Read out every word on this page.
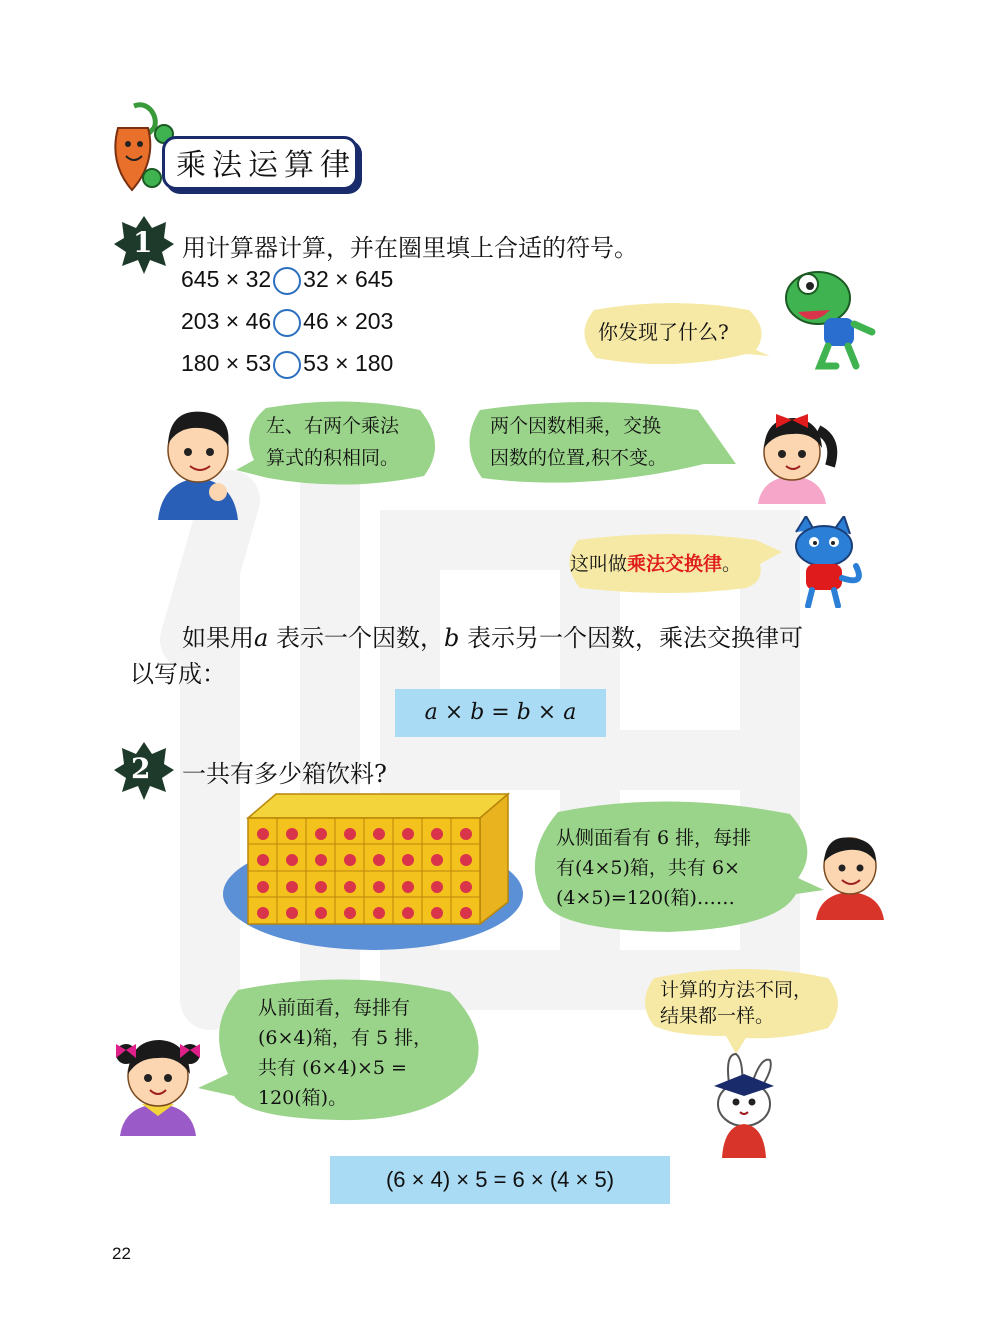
乘法运算律
1 用计算器计算，并在圈里填上合适的符号。
645 × 32 32 × 645
203 × 46 46 × 203
180 × 53 53 × 180
你发现了什么?
左、右两个乘法
算式的积相同。
两个因数相乘，交换
因数的位置,积不变。
这叫做乘法交换律。
如果用a 表示一个因数，b 表示另一个因数，乘法交换律可
以写成：
a × b = b × a
2 一共有多少箱饮料?
从侧面看有 6 排，每排
有(4×5)箱，共有 6×
(4×5)=120(箱)……
计算的方法不同，
结果都一样。
从前面看，每排有
(6×4)箱，有 5 排，
共有 (6×4)×5 =
120(箱)。
(6 × 4) × 5 = 6 × (4 × 5)
22
